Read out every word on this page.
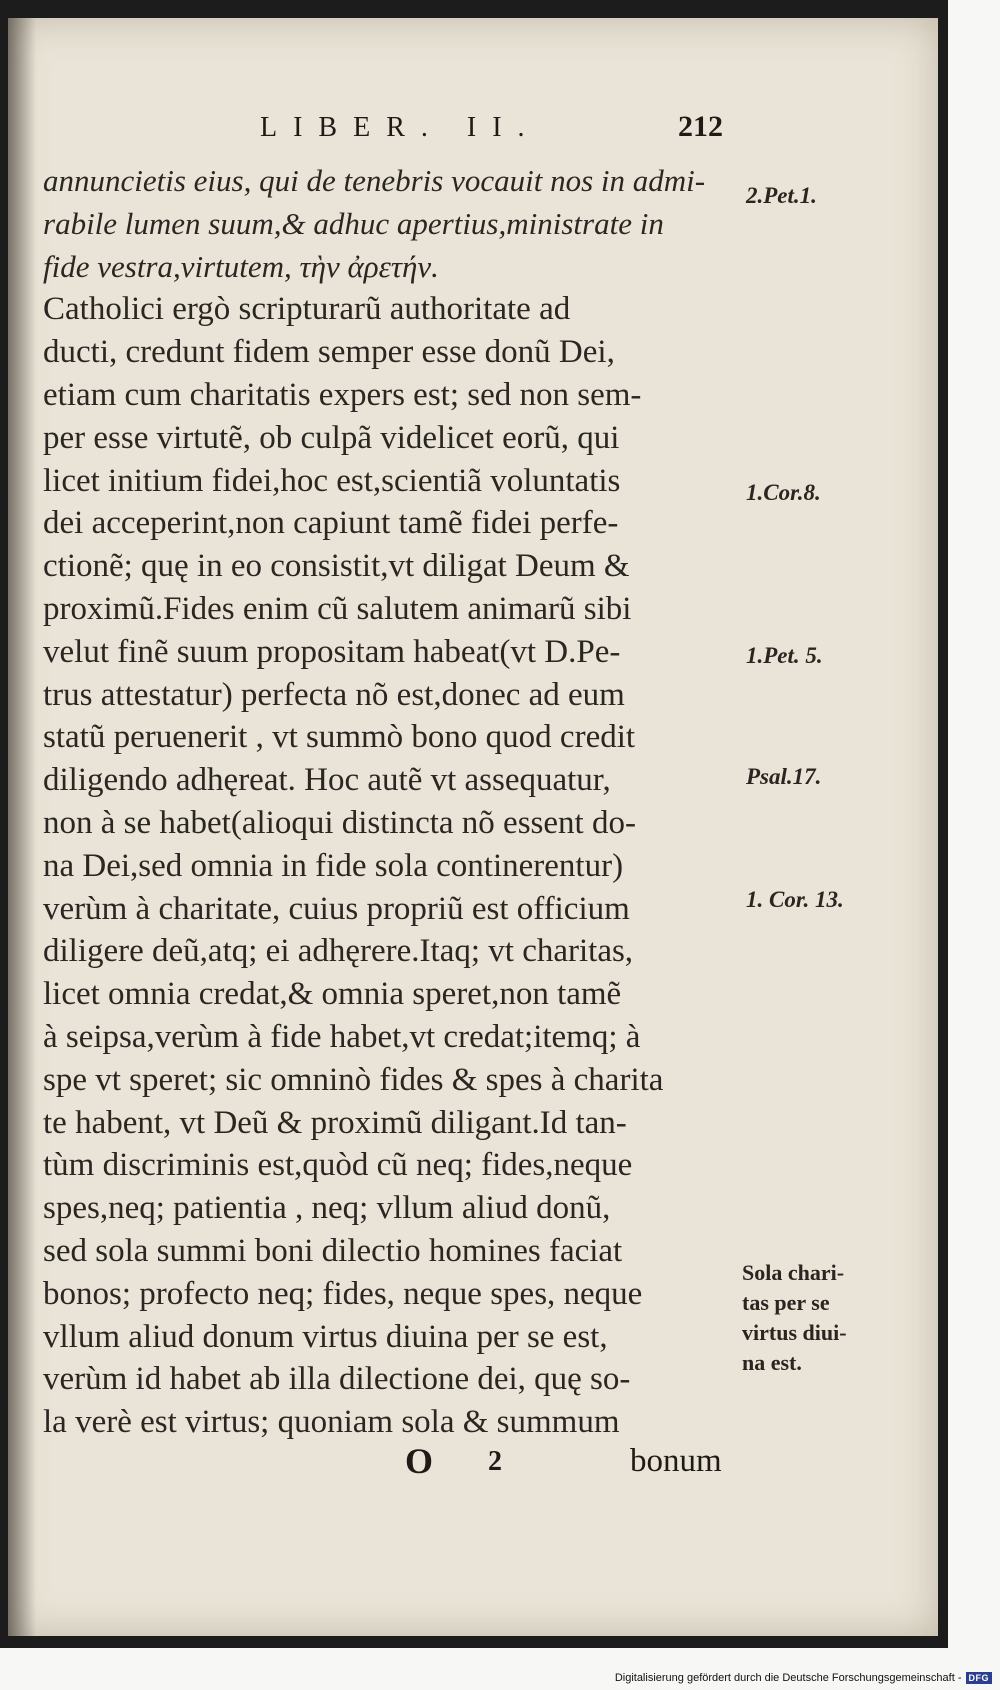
LIBER. II.	212
annuncietis eius, qui de tenebris vocauit nos in admi-
rabile lumen suum,& adhuc apertius,ministrate in
fide vestra,virtutem, τὴν ἀρετήν.
Catholici ergò scripturarũ authoritate ad
ducti, credunt fidem semper esse donũ Dei,
etiam cum charitatis expers est; sed non sem-
per esse virtutẽ, ob culpã videlicet eorũ, qui
licet initium fidei,hoc est,scientiã voluntatis
dei acceperint,non capiunt tamẽ fidei perfe-
ctionẽ; quę in eo consistit,vt diligat Deum &
proximũ.Fides enim cũ salutem animarũ sibi
velut finẽ suum propositam habeat(vt D.Pe-
trus attestatur) perfecta nõ est,donec ad eum
statũ peruenerit , vt summò bono quod credit
diligendo adhęreat. Hoc autẽ vt assequatur,
non à se habet(alioqui distincta nõ essent do-
na Dei,sed omnia in fide sola continerentur)
verùm à charitate, cuius propriũ est officium
diligere deũ,atq; ei adhęrere.Itaq; vt charitas,
licet omnia credat,& omnia speret,non tamẽ
à seipsa,verùm à fide habet,vt credat;itemq; à
spe vt speret; sic omninò fides & spes à charita
te habent, vt Deũ & proximũ diligant.Id tan-
tùm discriminis est,quòd cũ neq; fides,neque
spes,neq; patientia , neq; vllum aliud donũ,
sed sola summi boni dilectio homines faciat
bonos; profecto neq; fides, neque spes, neque
vllum aliud donum virtus diuina per se est,
verùm id habet ab illa dilectione dei, quę so-
la verè est virtus; quoniam sola & summum
2.Pet.1.
1.Cor.8.
1.Pet. 5.
Psal.17.
1. Cor. 13.
Sola chari-
tas per se
virtus diui-
na est.
O 2	bonum
Digitalisierung gefördert durch die Deutsche Forschungsgemeinschaft - DFG
